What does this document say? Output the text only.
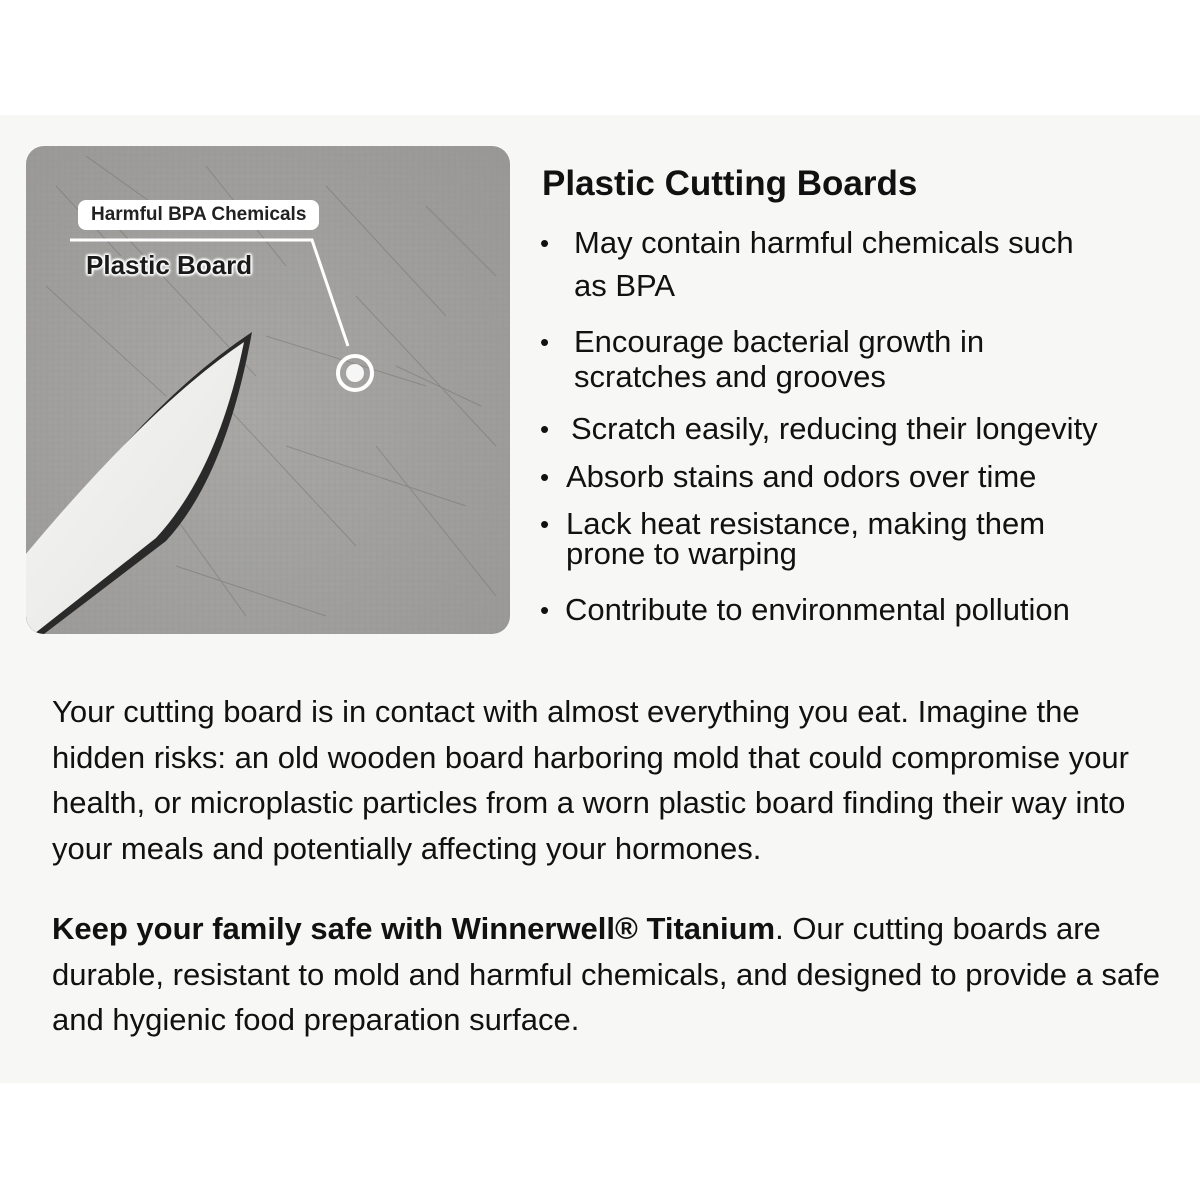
Harmful BPA Chemicals
Plastic Board
Plastic Cutting Boards
• May contain harmful chemicals such
as BPA
• Encourage bacterial growth in
scratches and grooves
• Scratch easily, reducing their longevity
• Absorb stains and odors over time
• Lack heat resistance, making them
prone to warping
• Contribute to environmental pollution

Your cutting board is in contact with almost everything you eat. Imagine the hidden risks: an old wooden board harboring mold that could compromise your health, or microplastic particles from a worn plastic board finding their way into your meals and potentially affecting your hormones.

Keep your family safe with Winnerwell® Titanium. Our cutting boards are durable, resistant to mold and harmful chemicals, and designed to provide a safe and hygienic food preparation surface.
